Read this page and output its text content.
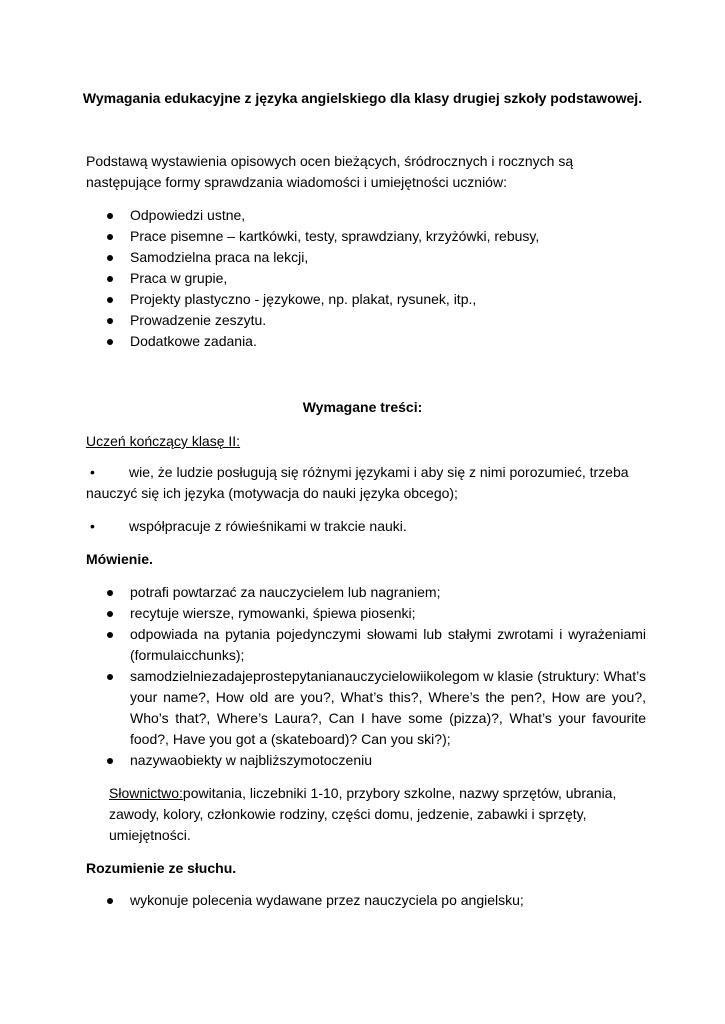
Wymagania edukacyjne z języka angielskiego dla klasy drugiej szkoły podstawowej.
Podstawą wystawienia opisowych ocen bieżących, śródrocznych i rocznych są następujące formy sprawdzania wiadomości i umiejętności uczniów:
Odpowiedzi ustne,
Prace pisemne – kartkówki, testy, sprawdziany, krzyżówki, rebusy,
Samodzielna praca na lekcji,
Praca w grupie,
Projekty plastyczno - językowe, np. plakat, rysunek, itp.,
Prowadzenie zeszytu.
Dodatkowe zadania.
Wymagane treści:
Uczeń kończący klasę II:
•	wie, że ludzie posługują się różnymi językami i aby się z nimi porozumieć, trzeba nauczyć się ich języka (motywacja do nauki języka obcego);
•	współpracuje z rówieśnikami w trakcie nauki.
Mówienie.
potrafi powtarzać za nauczycielem lub nagraniem;
recytuje wiersze, rymowanki, śpiewa piosenki;
odpowiada na pytania pojedynczymi słowami lub stałymi zwrotami i wyrażeniami (formulaicchunks);
samodzielniezadajeprostepytanianauczycielowiikolegom w klasie (struktury: What’s your name?, How old are you?, What’s this?, Where’s the pen?, How are you?, Who’s that?, Where’s Laura?, Can I have some (pizza)?, What’s your favourite food?, Have you got a (skateboard)? Can you ski?);
nazywaobiekty w najbliższymotoczeniu
Słownictwo:powitania, liczebniki 1-10, przybory szkolne, nazwy sprzętów, ubrania, zawody, kolory, członkowie rodziny, części domu, jedzenie, zabawki i sprzęty, umiejętności.
Rozumienie ze słuchu.
wykonuje polecenia wydawane przez nauczyciela po angielsku;
